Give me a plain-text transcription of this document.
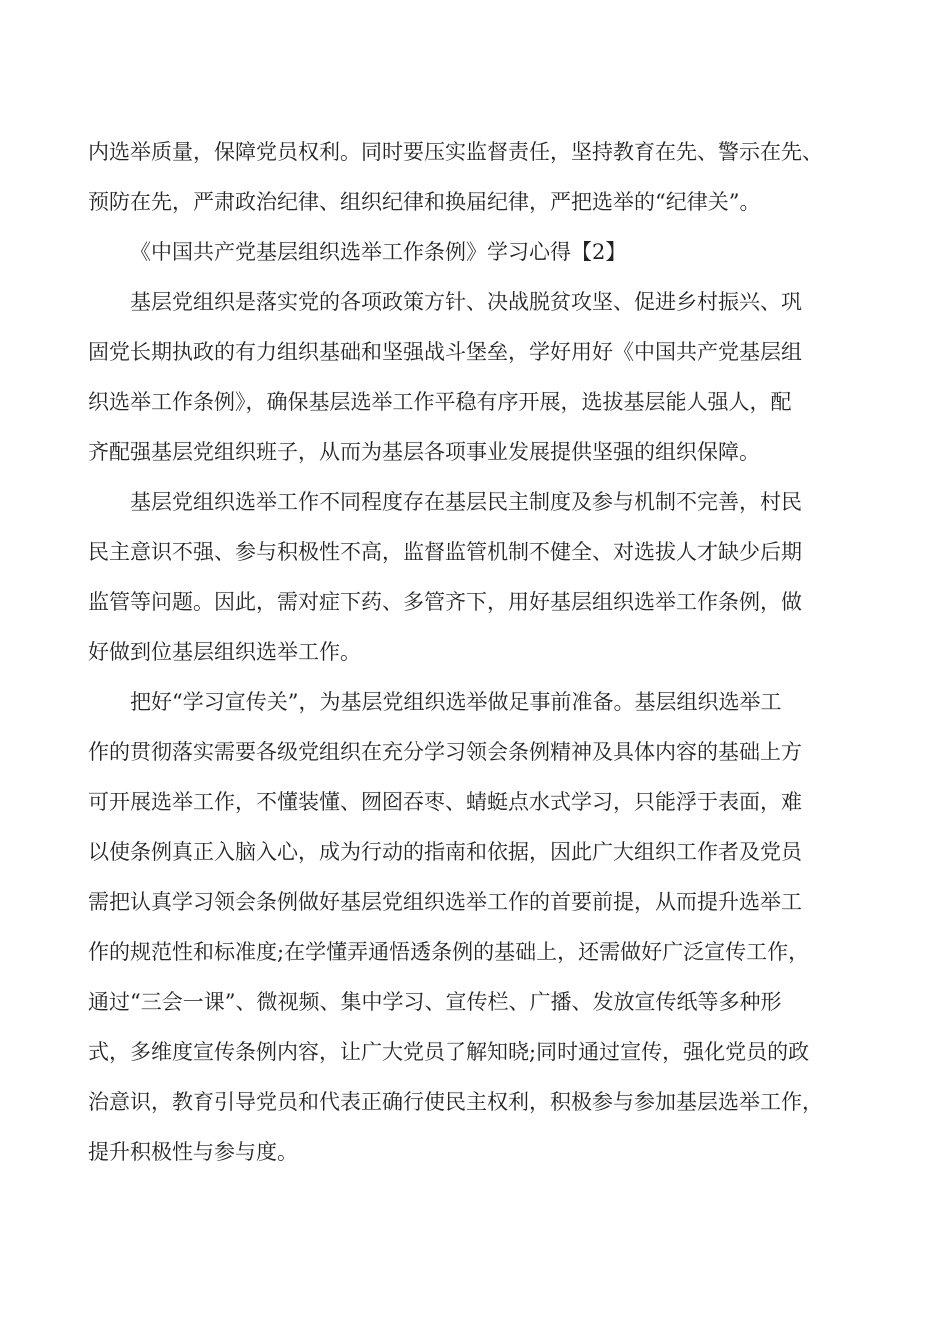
内选举质量，保障党员权利。同时要压实监督责任，坚持教育在先、警示在先、
预防在先，严肃政治纪律、组织纪律和换届纪律，严把选举的“纪律关”。
《中国共产党基层组织选举工作条例》学习心得【2】
基层党组织是落实党的各项政策方针、决战脱贫攻坚、促进乡村振兴、巩
固党长期执政的有力组织基础和坚强战斗堡垒，学好用好《中国共产党基层组
织选举工作条例》，确保基层选举工作平稳有序开展，选拔基层能人强人，配
齐配强基层党组织班子，从而为基层各项事业发展提供坚强的组织保障。
基层党组织选举工作不同程度存在基层民主制度及参与机制不完善，村民
民主意识不强、参与积极性不高，监督监管机制不健全、对选拔人才缺少后期
监管等问题。因此，需对症下药、多管齐下，用好基层组织选举工作条例，做
好做到位基层组织选举工作。
把好“学习宣传关”，为基层党组织选举做足事前准备。基层组织选举工
作的贯彻落实需要各级党组织在充分学习领会条例精神及具体内容的基础上方
可开展选举工作，不懂装懂、囫囵吞枣、蜻蜓点水式学习，只能浮于表面，难
以使条例真正入脑入心，成为行动的指南和依据，因此广大组织工作者及党员
需把认真学习领会条例做好基层党组织选举工作的首要前提，从而提升选举工
作的规范性和标准度;在学懂弄通悟透条例的基础上，还需做好广泛宣传工作，
通过“三会一课”、微视频、集中学习、宣传栏、广播、发放宣传纸等多种形
式，多维度宣传条例内容，让广大党员了解知晓;同时通过宣传，强化党员的政
治意识，教育引导党员和代表正确行使民主权利，积极参与参加基层选举工作，
提升积极性与参与度。
